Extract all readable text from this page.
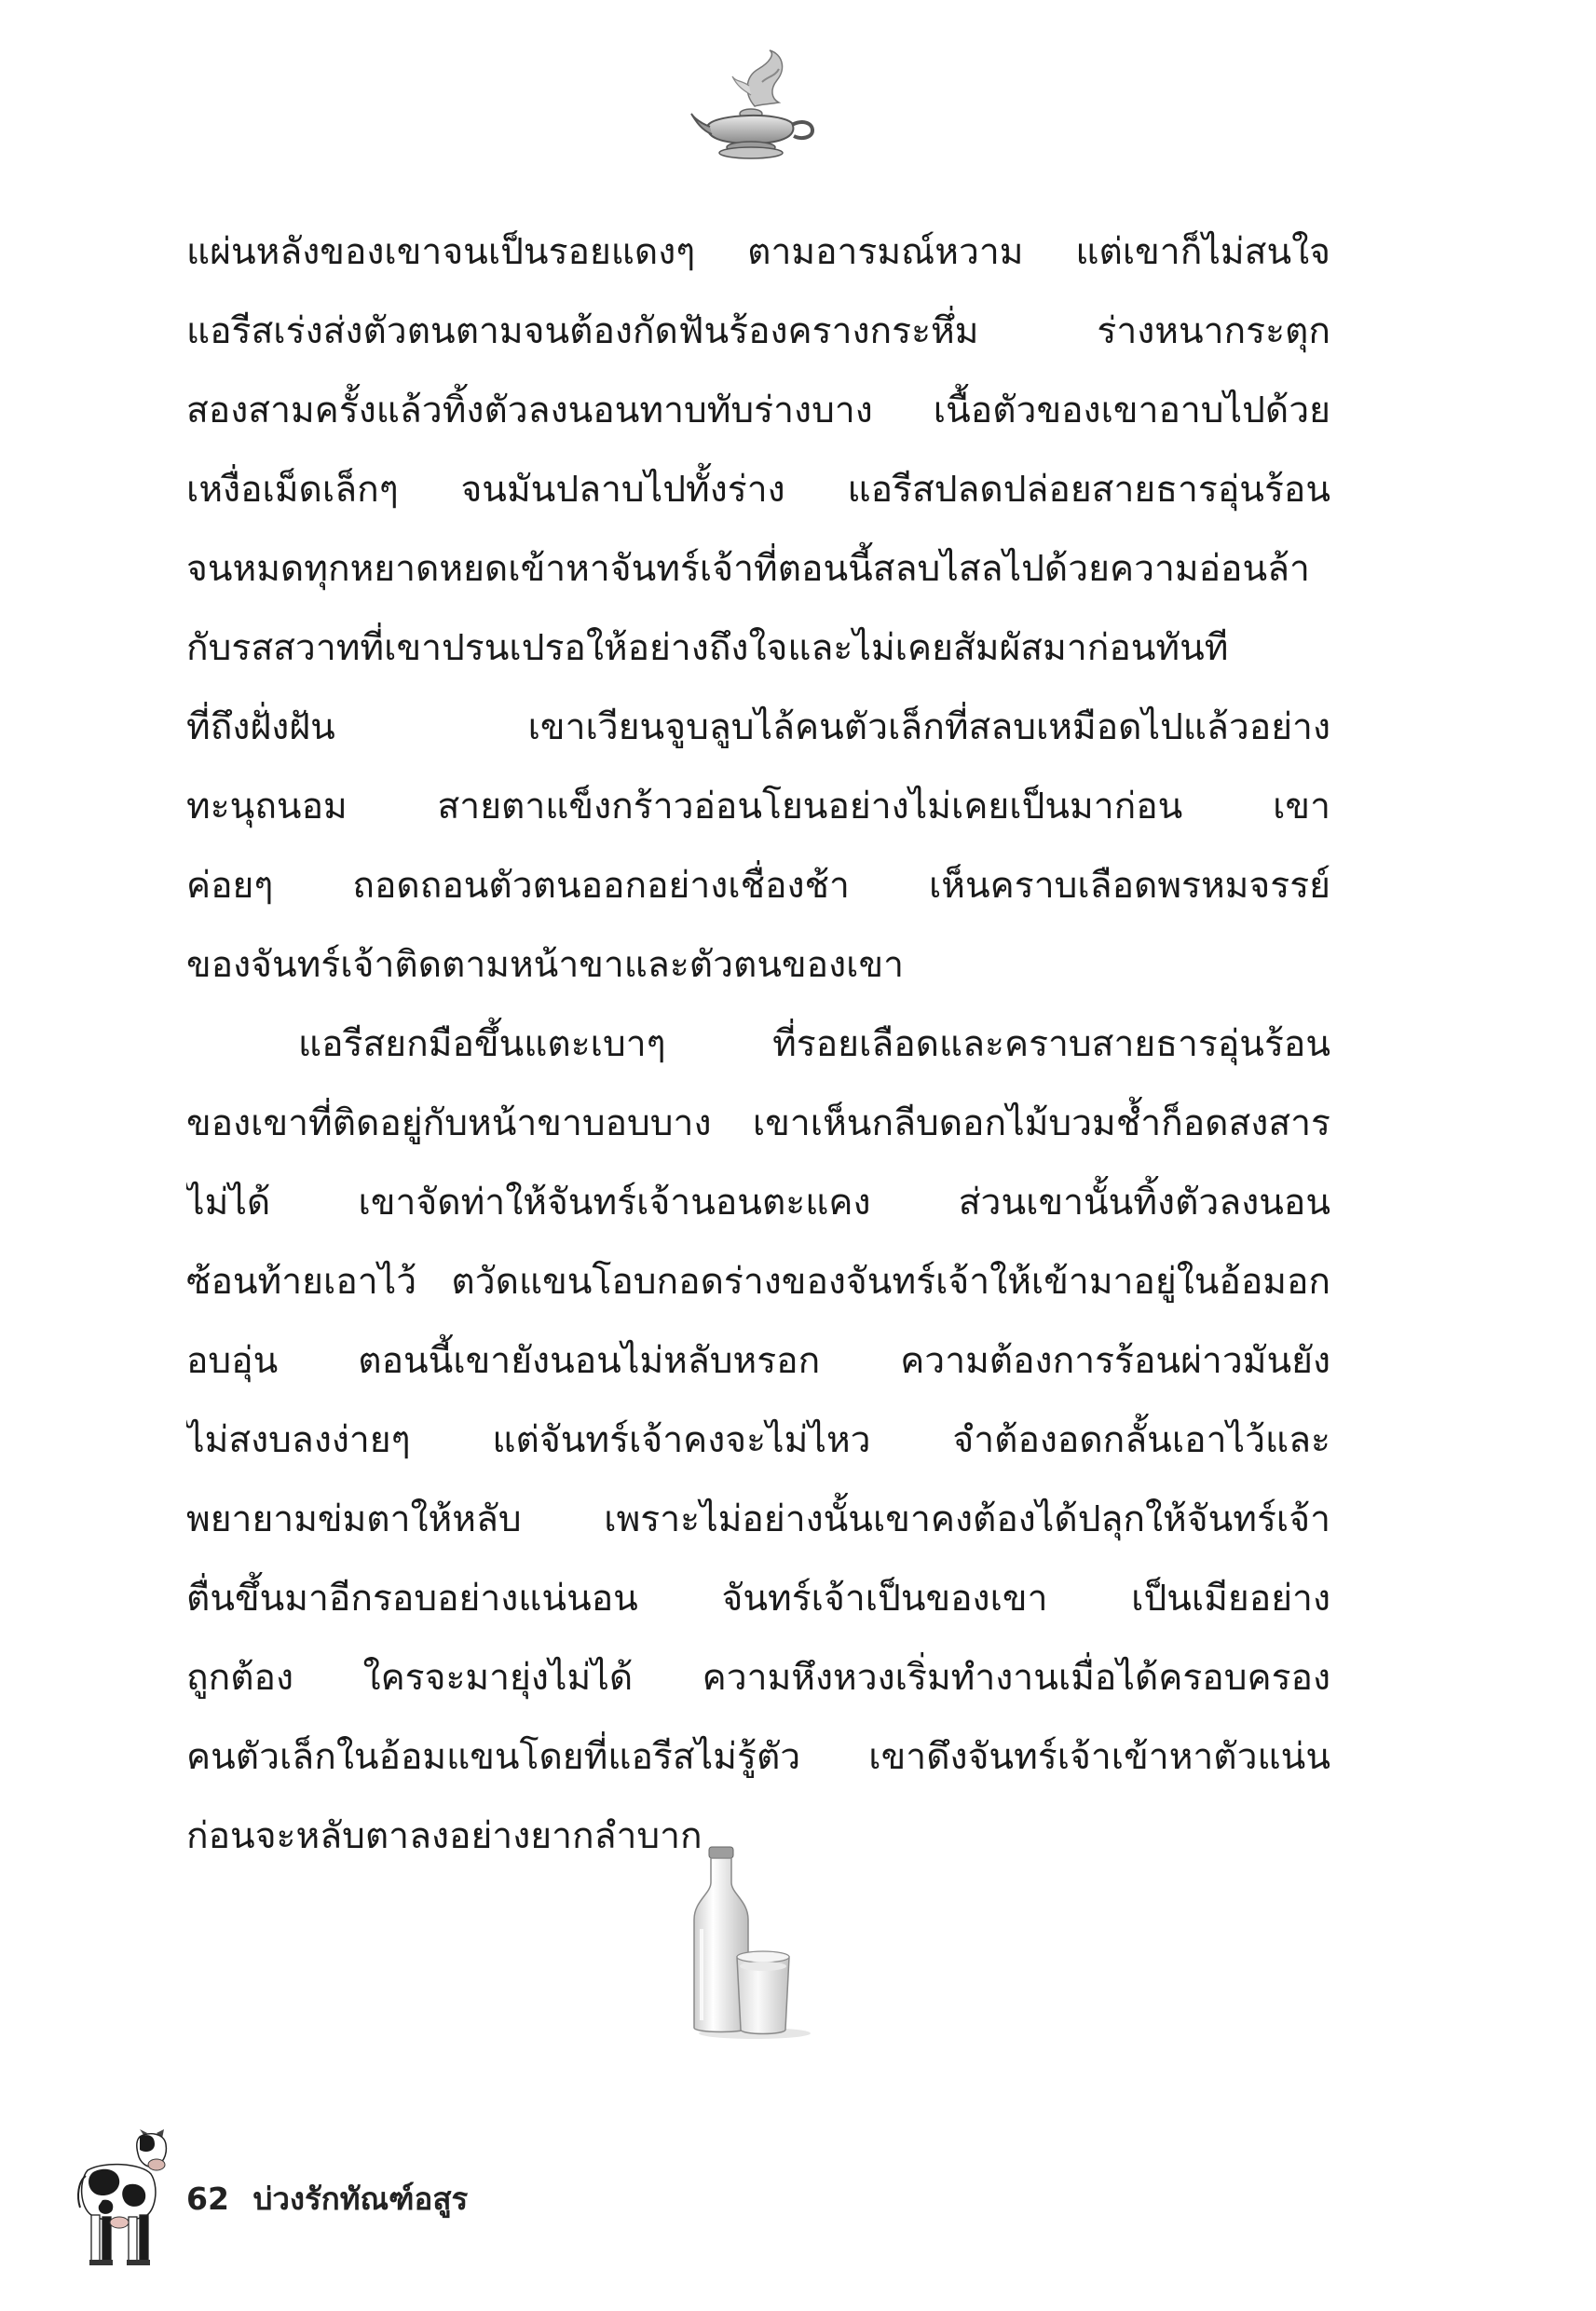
แผ่นหลังของเขาจนเป็นรอยแดงๆ ตามอารมณ์หวาม แต่เขาก็ไม่สนใจ
แอรีสเร่งส่งตัวตนตามจนต้องกัดฟันร้องครางกระหึ่ม ร่างหนากระตุก
สองสามครั้งแล้วทิ้งตัวลงนอนทาบทับร่างบาง เนื้อตัวของเขาอาบไปด้วย
เหงื่อเม็ดเล็กๆ จนมันปลาบไปทั้งร่าง แอรีสปลดปล่อยสายธารอุ่นร้อน
จนหมดทุกหยาดหยดเข้าหาจันทร์เจ้าที่ตอนนี้สลบไสลไปด้วยความอ่อนล้า
กับรสสวาทที่เขาปรนเปรอให้อย่างถึงใจและไม่เคยสัมผัสมาก่อนทันที
ที่ถึงฝั่งฝัน เขาเวียนจูบลูบไล้คนตัวเล็กที่สลบเหมือดไปแล้วอย่าง
ทะนุถนอม สายตาแข็งกร้าวอ่อนโยนอย่างไม่เคยเป็นมาก่อน เขา
ค่อยๆ ถอดถอนตัวตนออกอย่างเชื่องช้า เห็นคราบเลือดพรหมจรรย์
ของจันทร์เจ้าติดตามหน้าขาและตัวตนของเขา
แอรีสยกมือขึ้นแตะเบาๆ ที่รอยเลือดและคราบสายธารอุ่นร้อน
ของเขาที่ติดอยู่กับหน้าขาบอบบาง เขาเห็นกลีบดอกไม้บวมช้ำก็อดสงสาร
ไม่ได้ เขาจัดท่าให้จันทร์เจ้านอนตะแคง ส่วนเขานั้นทิ้งตัวลงนอน
ซ้อนท้ายเอาไว้ ตวัดแขนโอบกอดร่างของจันทร์เจ้าให้เข้ามาอยู่ในอ้อมอก
อบอุ่น ตอนนี้เขายังนอนไม่หลับหรอก ความต้องการร้อนผ่าวมันยัง
ไม่สงบลงง่ายๆ แต่จันทร์เจ้าคงจะไม่ไหว จำต้องอดกลั้นเอาไว้และ
พยายามข่มตาให้หลับ เพราะไม่อย่างนั้นเขาคงต้องได้ปลุกให้จันทร์เจ้า
ตื่นขึ้นมาอีกรอบอย่างแน่นอน จันทร์เจ้าเป็นของเขา เป็นเมียอย่าง
ถูกต้อง ใครจะมายุ่งไม่ได้ ความหึงหวงเริ่มทำงานเมื่อได้ครอบครอง
คนตัวเล็กในอ้อมแขนโดยที่แอรีสไม่รู้ตัว เขาดึงจันทร์เจ้าเข้าหาตัวแน่น
ก่อนจะหลับตาลงอย่างยากลำบาก
62 บ่วงรักทัณฑ์อสูร
